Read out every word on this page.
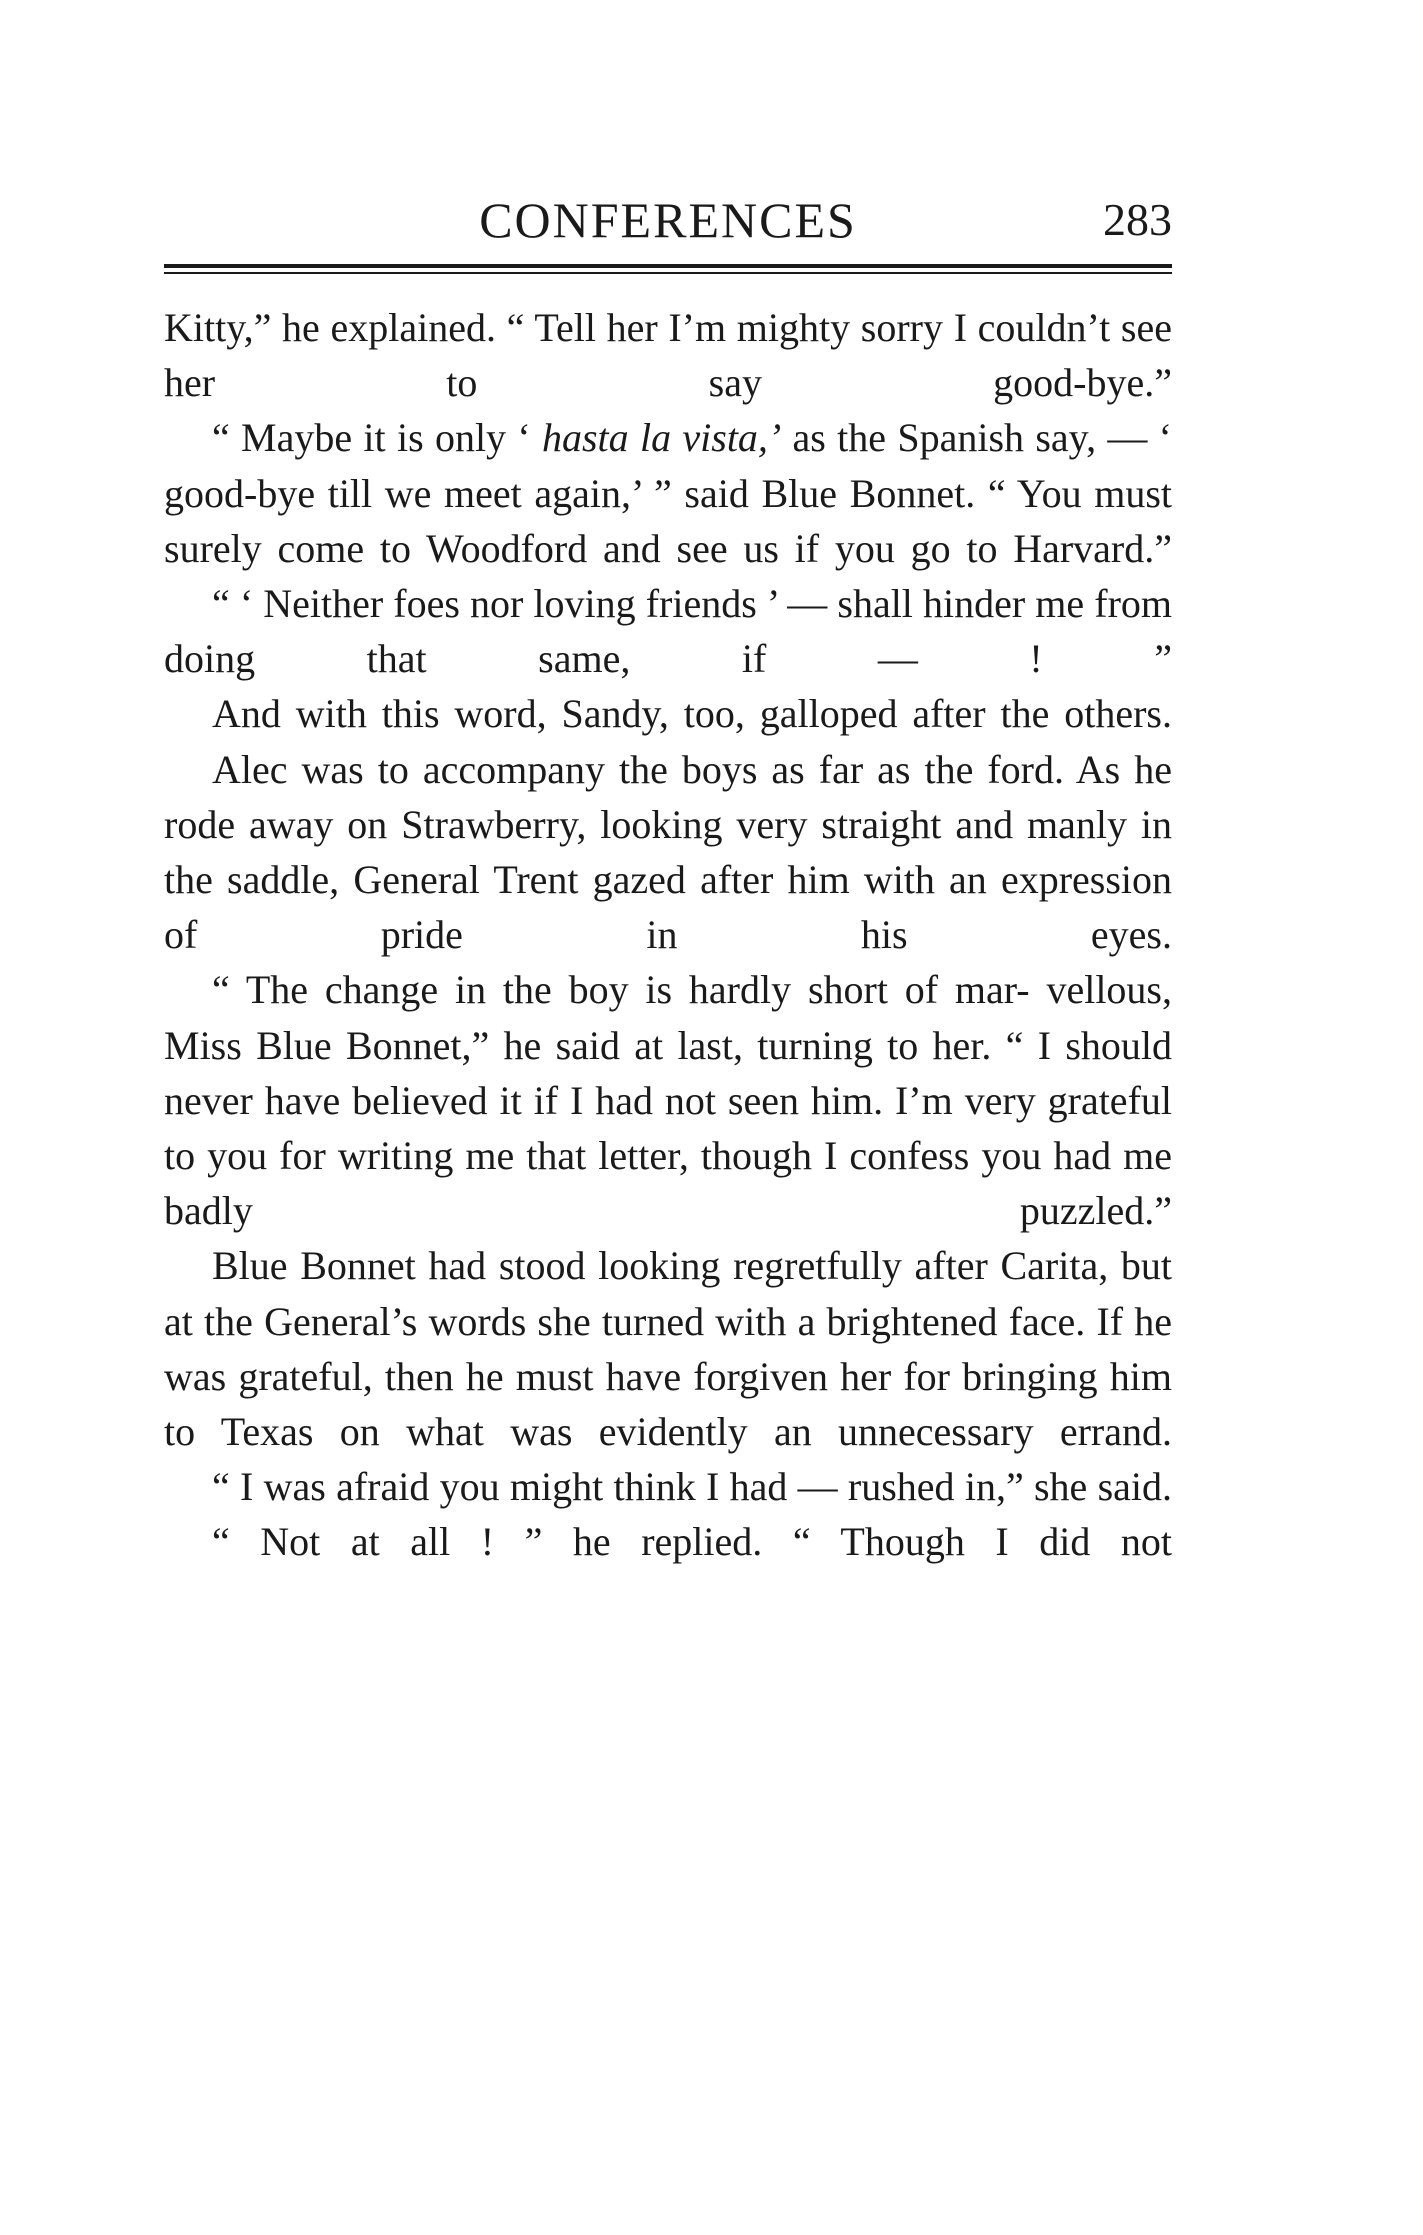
CONFERENCES	283

Kitty,” he explained. “ Tell her I’m mighty sorry I couldn’t see her to say good-bye.”

“ Maybe it is only ‘ hasta la vista,’ as the Spanish say, — ‘ good-bye till we meet again,’ ” said Blue Bonnet. “ You must surely come to Woodford and see us if you go to Harvard.”

“ ‘ Neither foes nor loving friends ’ — shall hinder me from doing that same, if — ! ”

And with this word, Sandy, too, galloped after the others.

Alec was to accompany the boys as far as the ford. As he rode away on Strawberry, looking very straight and manly in the saddle, General Trent gazed after him with an expression of pride	in his eyes.

“ The change in the boy is hardly short of mar- vellous, Miss Blue Bonnet,” he said at last, turning to her. “ I should never have believed it if I had not seen him. I’m very grateful to you for writing me that letter, though I confess you had me badly	puzzled.”

Blue Bonnet had stood looking regretfully after Carita, but at the General’s words she turned with a brightened face. If he was grateful, then he must have forgiven her for bringing him to Texas on what was evidently an unnecessary errand.

“ I was afraid you might think I had — rushed in,” she said.

“ Not at all ! ” he replied. “ Though I did not
